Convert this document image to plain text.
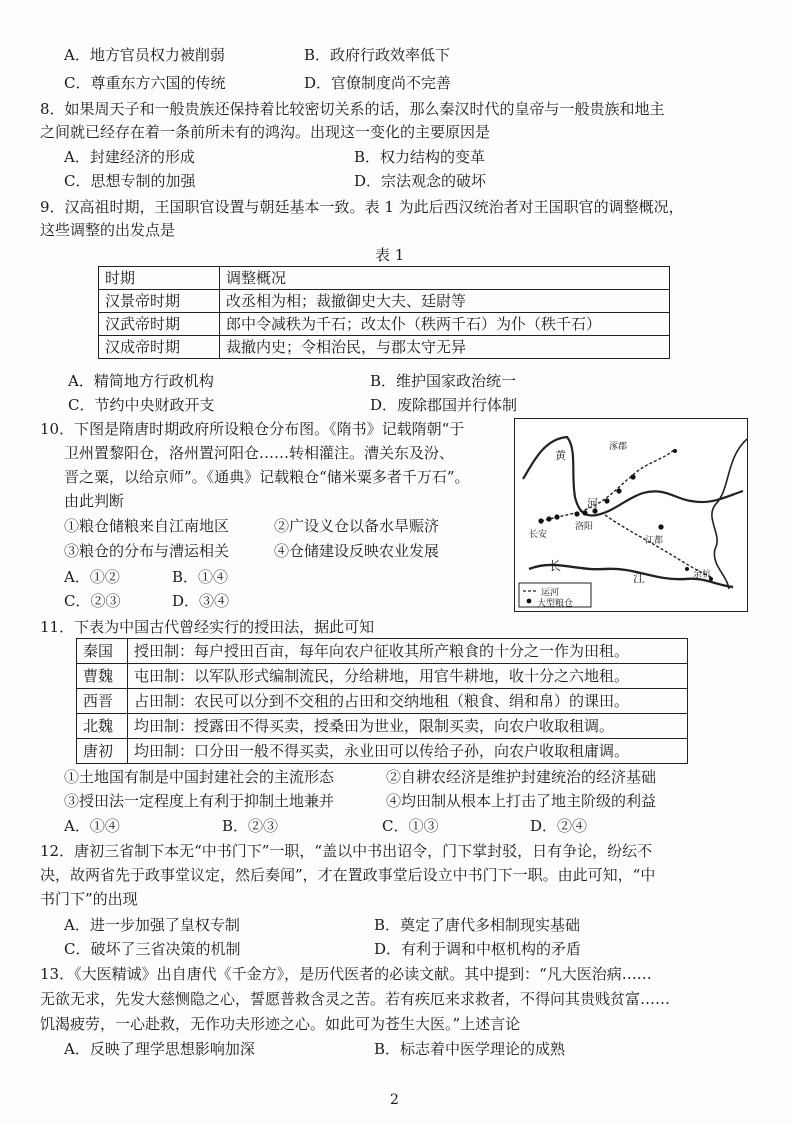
A．地方官员权力被削弱	B．政府行政效率低下
C．尊重东方六国的传统	D．官僚制度尚不完善
8．如果周天子和一般贵族还保持着比较密切关系的话，那么秦汉时代的皇帝与一般贵族和地主
之间就已经存在着一条前所未有的鸿沟。出现这一变化的主要原因是
A．封建经济的形成	B．权力结构的变革
C．思想专制的加强	D．宗法观念的破坏
9．汉高祖时期，王国职官设置与朝廷基本一致。表 1 为此后西汉统治者对王国职官的调整概况，
这些调整的出发点是
表 1
时期	调整概况
汉景帝时期	改丞相为相；裁撤御史大夫、廷尉等
汉武帝时期	郎中令减秩为千石；改太仆（秩两千石）为仆（秩千石）
汉成帝时期	裁撤内史；令相治民，与郡太守无异
A．精简地方行政机构	B．维护国家政治统一
C．节约中央财政开支	D．废除郡国并行体制
10．下图是隋唐时期政府所设粮仓分布图。《隋书》记载隋朝“于
卫州置黎阳仓，洛州置河阳仓……转相灌注。漕关东及汾、
晋之粟，以给京师”。《通典》记载粮仓“储米粟多者千万石”。
由此判断
①粮仓储粮来自江南地区	②广设义仓以备水旱赈济
③粮仓的分布与漕运相关	④仓储建设反映农业发展
A．①②	B．①④
C．②③	D．③④
黄
涿郡
河
长安
洛阳
江都
余杭
长
江
运河
大型粮仓
11．下表为中国古代曾经实行的授田法，据此可知
秦国	授田制：每户授田百亩，每年向农户征收其所产粮食的十分之一作为田租。
曹魏	屯田制：以军队形式编制流民，分给耕地，用官牛耕地，收十分之六地租。
西晋	占田制：农民可以分到不交租的占田和交纳地租（粮食、绢和帛）的课田。
北魏	均田制：授露田不得买卖，授桑田为世业，限制买卖，向农户收取租调。
唐初	均田制：口分田一般不得买卖，永业田可以传给子孙，向农户收取租庸调。
①土地国有制是中国封建社会的主流形态	②自耕农经济是维护封建统治的经济基础
③授田法一定程度上有利于抑制土地兼并	④均田制从根本上打击了地主阶级的利益
A．①④	B．②③	C．①③	D．②④
12．唐初三省制下本无“中书门下”一职，“盖以中书出诏令，门下掌封驳，日有争论，纷纭不
决，故两省先于政事堂议定，然后奏闻”，才在置政事堂后设立中书门下一职。由此可知，“中
书门下”的出现
A．进一步加强了皇权专制	B．奠定了唐代多相制现实基础
C．破坏了三省决策的机制	D．有利于调和中枢机构的矛盾
13．《大医精诚》出自唐代《千金方》，是历代医者的必读文献。其中提到：“凡大医治病……
无欲无求，先发大慈恻隐之心，誓愿普救含灵之苦。若有疾厄来求救者，不得问其贵贱贫富……
饥渴疲劳，一心赴救，无作功夫形迹之心。如此可为苍生大医。”上述言论
A．反映了理学思想影响加深	B．标志着中医学理论的成熟
2
